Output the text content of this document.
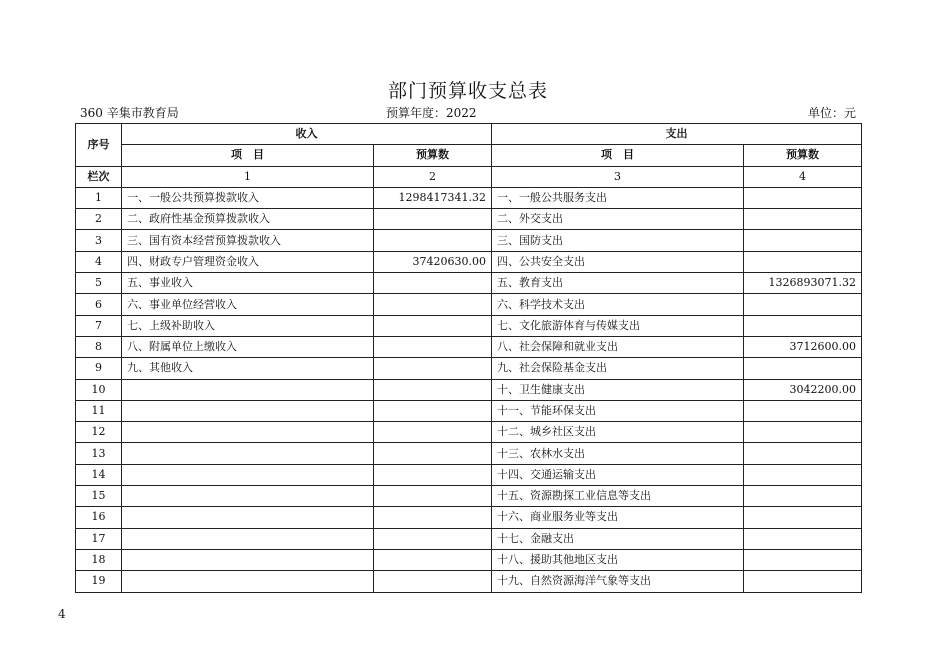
部门预算收支总表
360 辛集市教育局	预算年度：2022	单位：元
序号	收入		支出	
	项　目	预算数	项　目	预算数
栏次	1	2	3	4
1	一、一般公共预算拨款收入	1298417341.32	一、一般公共服务支出	
2	二、政府性基金预算拨款收入		二、外交支出	
3	三、国有资本经营预算拨款收入		三、国防支出	
4	四、财政专户管理资金收入	37420630.00	四、公共安全支出	
5	五、事业收入		五、教育支出	1326893071.32
6	六、事业单位经营收入		六、科学技术支出	
7	七、上级补助收入		七、文化旅游体育与传媒支出	
8	八、附属单位上缴收入		八、社会保障和就业支出	3712600.00
9	九、其他收入		九、社会保险基金支出	
10			十、卫生健康支出	3042200.00
11			十一、节能环保支出	
12			十二、城乡社区支出	
13			十三、农林水支出	
14			十四、交通运输支出	
15			十五、资源勘探工业信息等支出	
16			十六、商业服务业等支出	
17			十七、金融支出	
18			十八、援助其他地区支出	
19			十九、自然资源海洋气象等支出	
4
